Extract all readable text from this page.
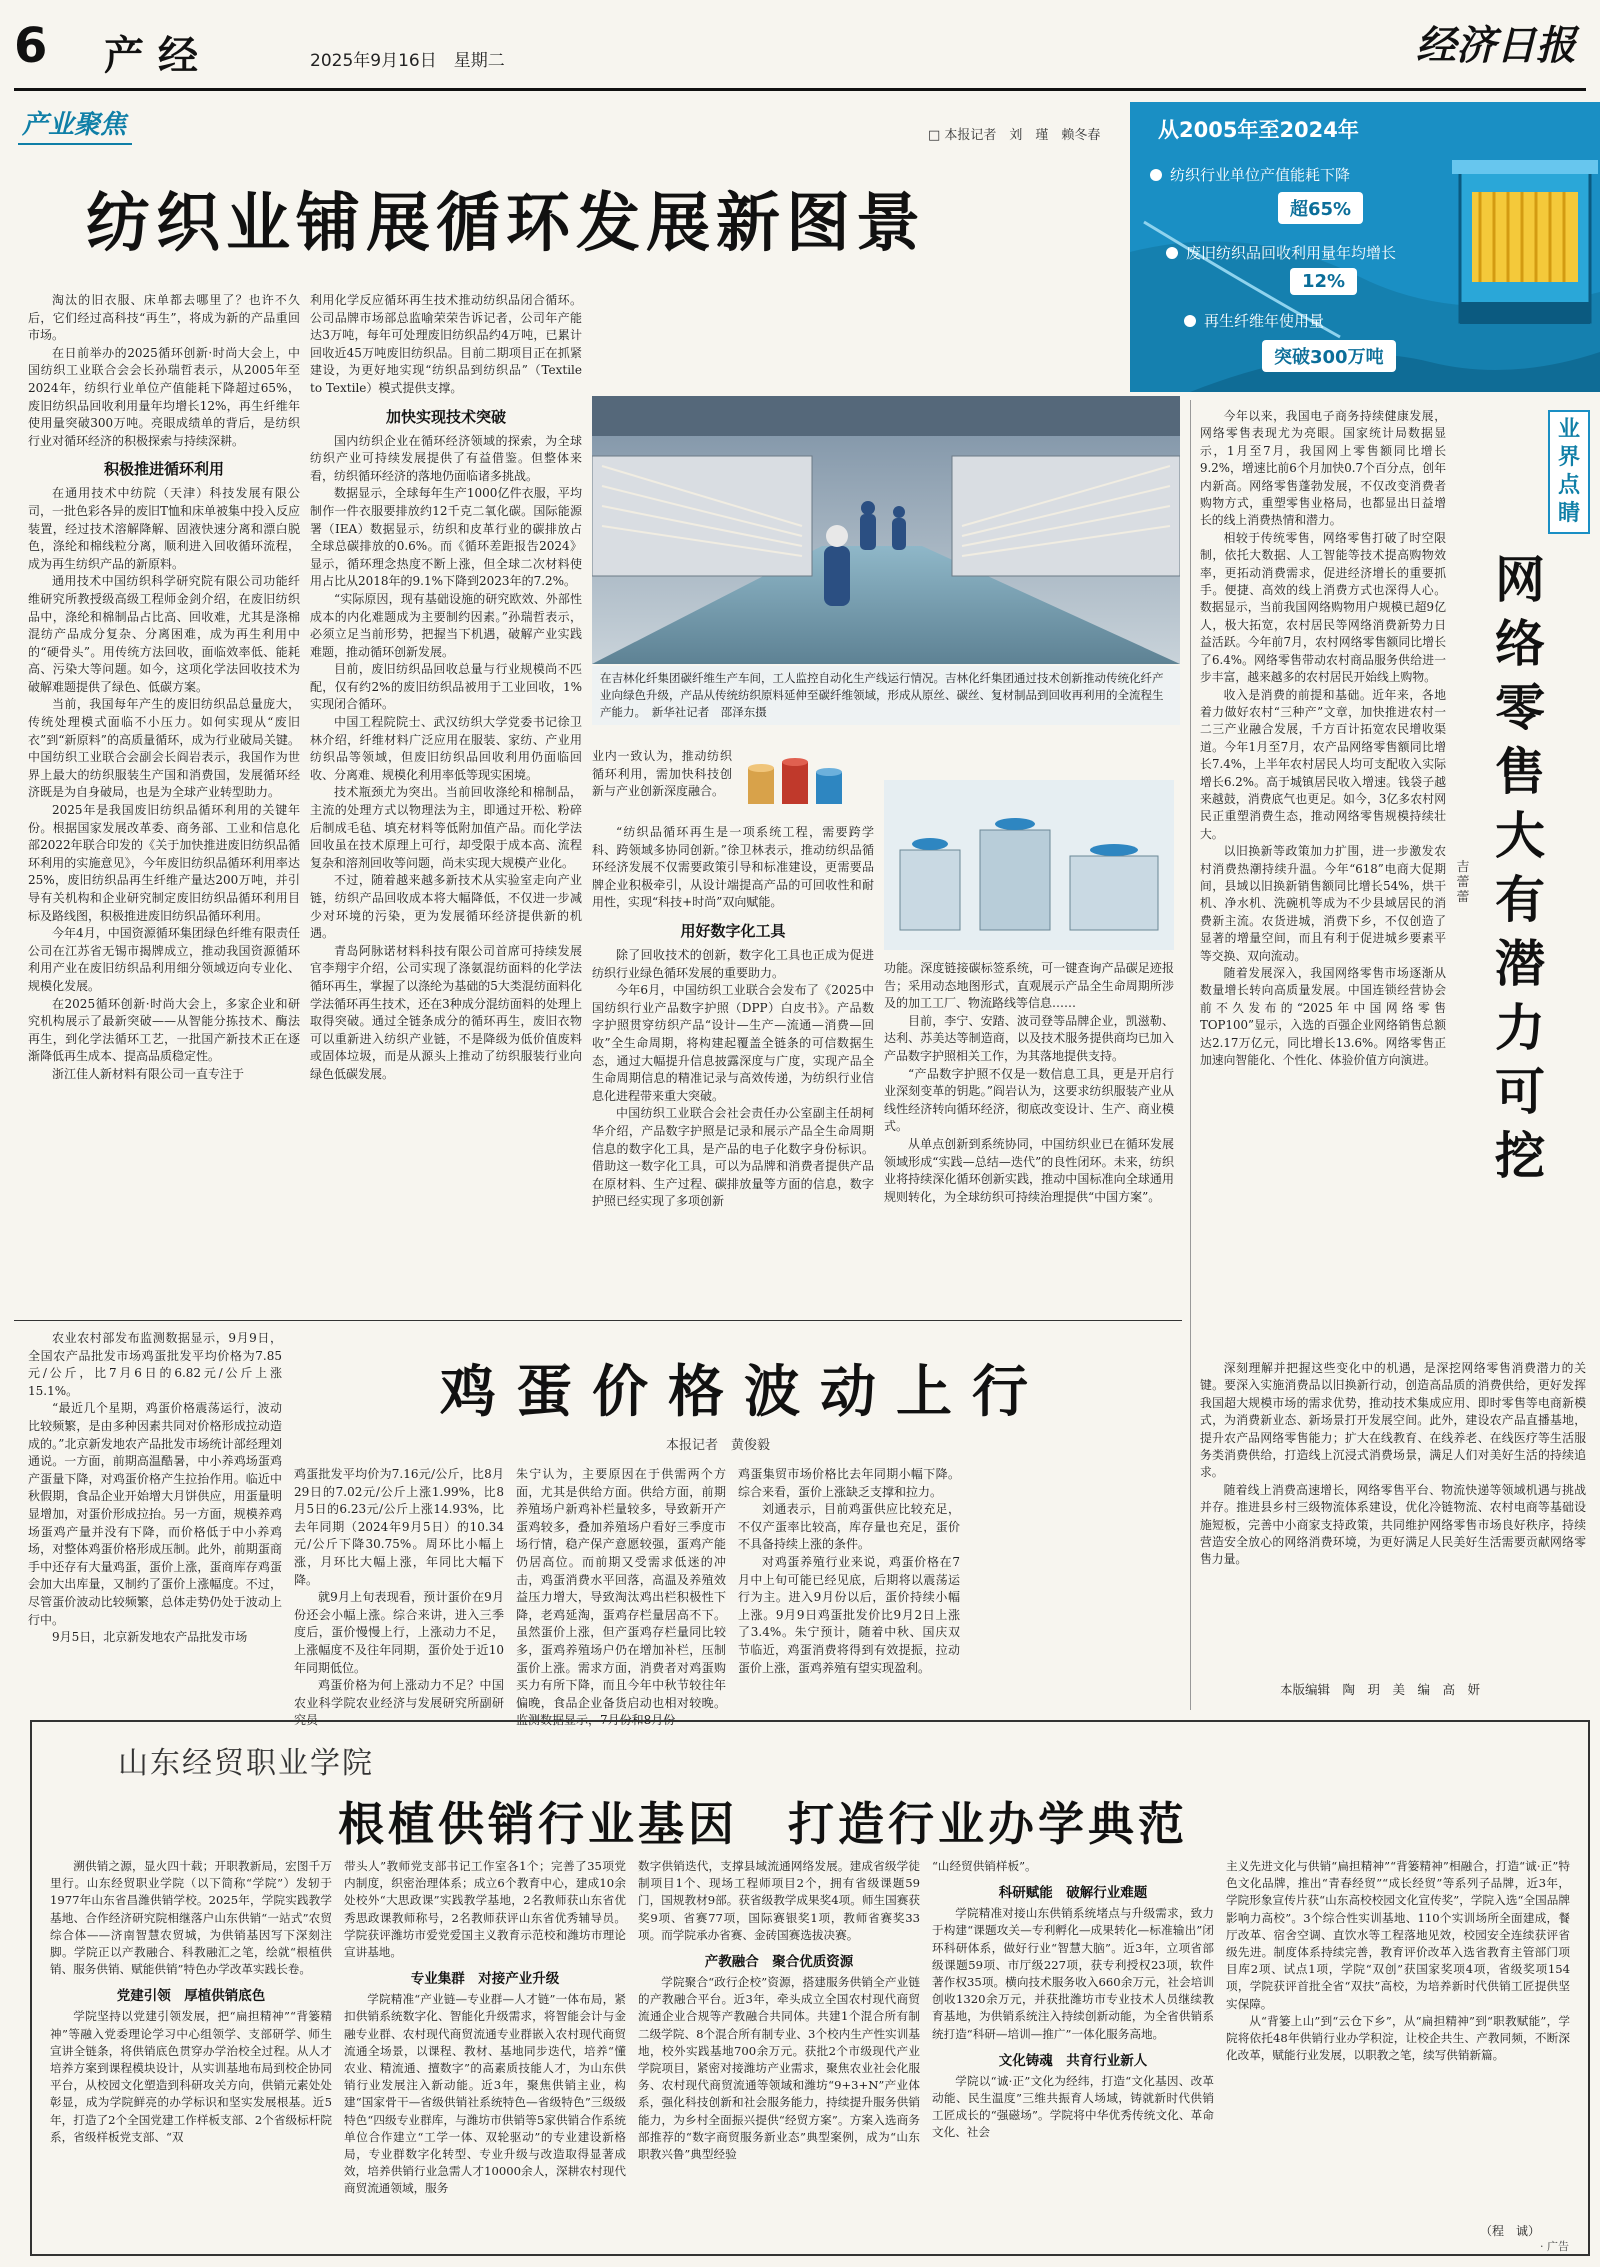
6 产经	2025年9月16日　星期二	经济日报
产业聚焦	□ 本报记者　刘　瑾　赖冬春
纺织业铺展循环发展新图景
从2005年至2024年
纺织行业单位产值能耗下降
超65%
废旧纺织品回收利用量年均增长
12%
再生纤维年使用量
突破300万吨

淘汰的旧衣服、床单都去哪里了？也许不久后，它们经过高科技“再生”，将成为新的产品重回市场。

在日前举办的2025循环创新·时尚大会上，中国纺织工业联合会会长孙瑞哲表示，从2005年至2024年，纺织行业单位产值能耗下降超过65%，废旧纺织品回收利用量年均增长12%，再生纤维年使用量突破300万吨。亮眼成绩单的背后，是纺织行业对循环经济的积极探索与持续深耕。

积极推进循环利用

在通用技术中纺院（天津）科技发展有限公司，一批色彩各异的废旧T恤和床单被集中投入反应装置，经过技术溶解降解、固液快速分离和漂白脱色，涤纶和棉线粒分离，顺利进入回收循环流程，成为再生纺织产品的新原料。

通用技术中国纺织科学研究院有限公司功能纤维研究所教授级高级工程师金剑介绍，在废旧纺织品中，涤纶和棉制品占比高、回收难，尤其是涤棉混纺产品成分复杂、分离困难，成为再生利用中的“硬骨头”。用传统方法回收，面临效率低、能耗高、污染大等问题。如今，这项化学法回收技术为破解难题提供了绿色、低碳方案。

当前，我国每年产生的废旧纺织品总量庞大，传统处理模式面临不小压力。如何实现从“废旧衣”到“新原料”的高质量循环，成为行业破局关键。中国纺织工业联合会副会长阎岩表示，我国作为世界上最大的纺织服装生产国和消费国，发展循环经济既是为自身破局，也是为全球产业转型助力。

2025年是我国废旧纺织品循环利用的关键年份。根据国家发展改革委、商务部、工业和信息化部2022年联合印发的《关于加快推进废旧纺织品循环利用的实施意见》，今年废旧纺织品循环利用率达25%，废旧纺织品再生纤维产量达200万吨，并引导有关机构和企业研究制定废旧纺织品循环利用目标及路线图，积极推进废旧纺织品循环利用。

今年4月，中国资源循环集团绿色纤维有限责任公司在江苏省无锡市揭牌成立，推动我国资源循环利用产业在废旧纺织品利用细分领域迈向专业化、规模化发展。

在2025循环创新·时尚大会上，多家企业和研究机构展示了最新突破——从智能分拣技术、酶法再生，到化学法循环工艺，一批国产新技术正在逐渐降低再生成本、提高品质稳定性。

浙江佳人新材料有限公司一直专注于

利用化学反应循环再生技术推动纺织品闭合循环。公司品牌市场部总监喻荣荣告诉记者，公司年产能达3万吨，每年可处理废旧纺织品约4万吨，已累计回收近45万吨废旧纺织品。目前二期项目正在抓紧建设，为更好地实现“纺织品到纺织品”（Textile to Textile）模式提供支撑。

加快实现技术突破

国内纺织企业在循环经济领域的探索，为全球纺织产业可持续发展提供了有益借鉴。但整体来看，纺织循环经济的落地仍面临诸多挑战。

数据显示，全球每年生产1000亿件衣服，平均制作一件衣服要排放约12千克二氧化碳。国际能源署（IEA）数据显示，纺织和皮革行业的碳排放占全球总碳排放的0.6%。而《循环差距报告2024》显示，循环理念热度不断上涨，但全球二次材料使用占比从2018年的9.1%下降到2023年的7.2%。

“实际原因，现有基础设施的研究欧效、外部性成本的内化难题成为主要制约因素。”孙瑞哲表示，必须立足当前形势，把握当下机遇，破解产业实践难题，推动循环创新发展。

目前，废旧纺织品回收总量与行业规模尚不匹配，仅有约2%的废旧纺织品被用于工业回收，1%实现闭合循环。

中国工程院院士、武汉纺织大学党委书记徐卫林介绍，纤维材料广泛应用在服装、家纺、产业用纺织品等领域，但废旧纺织品回收利用仍面临回收、分离难、规模化利用率低等现实困境。

技术瓶颈尤为突出。当前回收涤纶和棉制品，主流的处理方式以物理法为主，即通过开松、粉碎后制成毛毡、填充材料等低附加值产品。而化学法回收虽在技术原理上可行，却受限于成本高、流程复杂和溶剂回收等问题，尚未实现大规模产业化。

不过，随着越来越多新技术从实验室走向产业链，纺织产品回收成本将大幅降低，不仅进一步减少对环境的污染，更为发展循环经济提供新的机遇。

青岛阿脉诺材料科技有限公司首席可持续发展官李翔宇介绍，公司实现了涤氨混纺面料的化学法循环再生，掌握了以涤纶为基础的5大类混纺面料化学法循环再生技术，还在3种成分混纺面料的处理上取得突破。通过全链条成分的循环再生，废旧衣物可以重新进入纺织产业链，不是降级为低价值废料或固体垃圾，而是从源头上推动了纺织服装行业向绿色低碳发展。

在吉林化纤集团碳纤维生产车间，工人监控自动化生产线运行情况。吉林化纤集团通过技术创新推动传统化纤产业向绿色升级，产品从传统纺织原料延伸至碳纤维领域，形成从原丝、碳丝、复材制品到回收再利用的全流程生产能力。　新华社记者　邵泽东摄

业内一致认为，推动纺织循环利用，需加快科技创新与产业创新深度融合。

“纺织品循环再生是一项系统工程，需要跨学科、跨领域多协同创新。”徐卫林表示，推动纺织品循环经济发展不仅需要政策引导和标准建设，更需要品牌企业积极牵引，从设计端提高产品的可回收性和耐用性，实现“科技+时尚”双向赋能。

用好数字化工具

除了回收技术的创新，数字化工具也正成为促进纺织行业绿色循环发展的重要助力。

今年6月，中国纺织工业联合会发布了《2025中国纺织行业产品数字护照（DPP）白皮书》。产品数字护照贯穿纺织产品“设计—生产—流通—消费—回收”全生命周期，将构建起覆盖全链条的可信数据生态，通过大幅提升信息披露深度与广度，实现产品全生命周期信息的精准记录与高效传递，为纺织行业信息化进程带来重大突破。

中国纺织工业联合会社会责任办公室副主任胡柯华介绍，产品数字护照是记录和展示产品全生命周期信息的数字化工具，是产品的电子化数字身份标识。借助这一数字化工具，可以为品牌和消费者提供产品在原材料、生产过程、碳排放量等方面的信息，数字护照已经实现了多项创新

功能。深度链接碳标签系统，可一键查询产品碳足迹报告；采用动态地图形式，直观展示产品全生命周期所涉及的加工工厂、物流路线等信息……

目前，李宁、安踏、波司登等品牌企业，凯滋勒、达利、苏美达等制造商，以及技术服务提供商均已加入产品数字护照相关工作，为其落地提供支持。

“产品数字护照不仅是一数信息工具，更是开启行业深刻变革的钥匙。”阎岩认为，这要求纺织服装产业从线性经济转向循环经济，彻底改变设计、生产、商业模式。

从单点创新到系统协同，中国纺织业已在循环发展领域形成“实践—总结—迭代”的良性闭环。未来，纺织业将持续深化循环创新实践，推动中国标准向全球通用规则转化，为全球纺织可持续治理提供“中国方案”。

业界点睛
网络零售大有潜力可挖
吉蕾蕾

今年以来，我国电子商务持续健康发展，网络零售表现尤为亮眼。国家统计局数据显示，1月至7月，我国网上零售额同比增长9.2%，增速比前6个月加快0.7个百分点，创年内新高。网络零售蓬勃发展，不仅改变消费者购物方式，重塑零售业格局，也都显出日益增长的线上消费热情和潜力。

相较于传统零售，网络零售打破了时空限制，依托大数据、人工智能等技术提高购物效率，更拓动消费需求，促进经济增长的重要抓手。便捷、高效的线上消费方式也深得人心。数据显示，当前我国网络购物用户规模已超9亿人，极大拓宽，农村居民等网络消费新势力日益活跃。今年前7月，农村网络零售额同比增长了6.4%。网络零售带动农村商品服务供给进一步丰富，越来越多的农村居民开始线上购物。

收入是消费的前提和基础。近年来，各地着力做好农村“三种产”文章，加快推进农村一二三产业融合发展，千方百计拓宽农民增收渠道。今年1月至7月，农产品网络零售额同比增长7.4%，上半年农村居民人均可支配收入实际增长6.2%。高于城镇居民收入增速。钱袋子越来越鼓，消费底气也更足。如今，3亿多农村网民正重塑消费生态，推动网络零售规模持续壮大。

以旧换新等政策加力扩围，进一步激发农村消费热潮持续升温。今年“618”电商大促期间，县域以旧换新销售额同比增长54%，烘干机、净水机、洗碗机等成为不少县域居民的消费新主流。农货进城，消费下乡，不仅创造了显著的增量空间，而且有利于促进城乡要素平等交换、双向流动。

随着发展深入，我国网络零售市场逐渐从数量增长转向高质量发展。中国连锁经营协会前不久发布的“2025年中国网络零售TOP100”显示，入选的百强企业网络销售总额达2.17万亿元，同比增长13.6%。网络零售正加速向智能化、个性化、体验价值方向演进。

深刻理解并把握这些变化中的机遇，是深挖网络零售消费潜力的关键。要深入实施消费品以旧换新行动，创造高品质的消费供给，更好发挥我国超大规模市场的需求优势，推动技术集成应用、即时零售等电商新模式，为消费新业态、新场景打开发展空间。此外，建设农产品直播基地，提升农产品网络零售能力；扩大在线教育、在线养老、在线医疗等生活服务类消费供给，打造线上沉浸式消费场景，满足人们对美好生活的持续追求。

随着线上消费高速增长，网络零售平台、物流快递等领域机遇与挑战并存。推进县乡村三级物流体系建设，优化冷链物流、农村电商等基础设施短板，完善中小商家支持政策，共同维护网络零售市场良好秩序，持续营造安全放心的网络消费环境，为更好满足人民美好生活需要贡献网络零售力量。

本版编辑　陶　玥　美　编　高　妍

农业农村部发布监测数据显示，9月9日，全国农产品批发市场鸡蛋批发平均价格为7.85元/公斤，比7月6日的6.82元/公斤上涨15.1%。

“最近几个星期，鸡蛋价格震荡运行，波动比较频繁，是由多种因素共同对价格形成拉动造成的。”北京新发地农产品批发市场统计部经理刘通说。一方面，前期高温酷暑，中小养鸡场蛋鸡产蛋量下降，对鸡蛋价格产生拉抬作用。临近中秋假期，食品企业开始增大月饼供应，用蛋量明显增加，对蛋价形成拉抬。另一方面，规模养鸡场蛋鸡产量并没有下降，而价格低于中小养鸡场，对整体鸡蛋价格形成压制。此外，前期蛋商手中还存有大量鸡蛋，蛋价上涨，蛋商库存鸡蛋会加大出库量，又制约了蛋价上涨幅度。不过，尽管蛋价波动比较频繁，总体走势仍处于波动上行中。

9月5日，北京新发地农产品批发市场

鸡蛋价格波动上行
本报记者　黄俊毅

鸡蛋批发平均价为7.16元/公斤，比8月29日的7.02元/公斤上涨1.99%，比8月5日的6.23元/公斤上涨14.93%，比去年同期（2024年9月5日）的10.34元/公斤下降30.75%。周环比小幅上涨，月环比大幅上涨，年同比大幅下降。

就9月上旬表现看，预计蛋价在9月份还会小幅上涨。综合来讲，进入三季度后，蛋价慢慢上行，上涨动力不足，上涨幅度不及往年同期，蛋价处于近10年同期低位。

鸡蛋价格为何上涨动力不足？中国农业科学院农业经济与发展研究所副研究员

朱宁认为，主要原因在于供需两个方面，尤其是供给方面。供给方面，前期养殖场户新鸡补栏量较多，导致新开产蛋鸡较多，叠加养殖场户看好三季度市场行情，稳产保产意愿较强，蛋鸡产能仍居高位。而前期又受需求低迷的冲击，鸡蛋消费水平回落，高温及养殖效益压力增大，导致淘汰鸡出栏积极性下降，老鸡延淘，蛋鸡存栏量居高不下。虽然蛋价上涨，但产蛋鸡存栏量同比较多，蛋鸡养殖场户仍在增加补栏，压制蛋价上涨。需求方面，消费者对鸡蛋购买力有所下降，而且今年中秋节较往年偏晚，食品企业备货启动也相对较晚。监测数据显示，7月份和8月份

鸡蛋集贸市场价格比去年同期小幅下降。综合来看，蛋价上涨缺乏支撑和拉力。

刘通表示，目前鸡蛋供应比较充足，不仅产蛋率比较高，库存量也充足，蛋价不具备持续上涨的条件。

对鸡蛋养殖行业来说，鸡蛋价格在7月中上旬可能已经见底，后期将以震荡运行为主。进入9月份以后，蛋价持续小幅上涨。9月9日鸡蛋批发价比9月2日上涨了3.4%。朱宁预计，随着中秋、国庆双节临近，鸡蛋消费将得到有效提振，拉动蛋价上涨，蛋鸡养殖有望实现盈利。

山东经贸职业学院
根植供销行业基因　打造行业办学典范

溯供销之源，显火四十载；开职教新局，宏图千万里行。山东经贸职业学院（以下简称“学院”）发轫于1977年山东省昌潍供销学校。2025年，学院实践教学基地、合作经济研究院相继落户山东供销“一站式”农贸综合体——济南智慧农贸城，为供销基因写下深刻注脚。学院正以产教融合、科教融汇之笔，绘就“根植供销、服务供销、赋能供销”特色办学改革实践长卷。

党建引领　厚植供销底色

学院坚持以党建引领发展，把“扁担精神”“背篓精神”等融入党委理论学习中心组领学、支部研学、师生宣讲全链条，将供销底色贯穿办学治校全过程。从人才培养方案到课程模块设计，从实训基地布局到校企协同平台，从校园文化塑造到科研攻关方向，供销元素处处彰显，成为学院鲜亮的办学标识和坚实发展根基。近5年，打造了2个全国党建工作样板支部、2个省级标杆院系，省级样板党支部、“双

带头人”教师党支部书记工作室各1个；完善了35项党内制度，织密治理体系；成立6个教育中心，建成10余处校外“大思政课”实践教学基地，2名教师获山东省优秀思政课教师称号，2名教师获评山东省优秀辅导员。学院获评潍坊市爱党爱国主义教育示范校和潍坊市理论宣讲基地。

专业集群　对接产业升级

学院精准“产业链—专业群—人才链”一体布局，紧扣供销系统数字化、智能化升级需求，将智能会计与金融专业群、农村现代商贸流通专业群嵌入农村现代商贸流通全场景，以课程、教材、基地同步迭代，培养“懂农业、精流通、擅数字”的高素质技能人才，为山东供销行业发展注入新动能。近3年，聚焦供销主业，构建“国家骨干—省级供销社系统特色—省级特色”三级级特色“四级专业群库，与潍坊市供销等5家供销合作系统单位合作建立“工学一体、双轮驱动”的专业建设新格局，专业群数字化转型、专业升级与改造取得显著成效，培养供销行业急需人才10000余人，深耕农村现代商贸流通领域，服务

数字供销迭代，支撑县域流通网络发展。建成省级学徒制项目1个、现场工程师项目2个，拥有省级课题59门，国规教材9部。获省级教学成果奖4项。师生国赛获奖9项、省赛77项，国际赛银奖1项，教师省赛奖33项。而学院承办省赛、金砖国赛选拔决赛。

产教融合　聚合优质资源

学院聚合“政行企校”资源，搭建服务供销全产业链的产教融合平台。近3年，牵头成立全国农村现代商贸流通企业合规等产教融合共同体。共建1个混合所有制二级学院、8个混合所有制专业、3个校内生产性实训基地，校外实践基地700余万元。获批2个市级现代产业学院项目，紧密对接潍坊产业需求，聚焦农业社会化服务、农村现代商贸流通等领域和潍坊“9+3+N”产业体系，强化科技创新和社会服务能力，持续提升服务供销能力，为乡村全面振兴提供“经贸方案”。方案入选商务部推荐的“数字商贸服务新业态”典型案例，成为“山东职教兴鲁”典型经验

“山经贸供销样板”。

科研赋能　破解行业难题

学院精准对接山东供销系统堵点与升级需求，致力于构建“课题攻关—专利孵化—成果转化—标准输出”闭环科研体系，做好行业“智慧大脑”。近3年，立项省部级课题59项、市厅级227项，获专利授权23项，软件著作权35项。横向技术服务收入660余万元，社会培训创收1320余万元，并获批潍坊市专业技术人员继续教育基地，为供销系统注入持续创新动能，为全省供销系统打造“科研—培训—推广”一体化服务高地。

文化铸魂　共育行业新人

学院以“诚·正”文化为经纬，打造“文化基因、改革动能、民生温度”三维共振育人场域，铸就新时代供销工匠成长的“强磁场”。学院将中华优秀传统文化、革命文化、社会

主义先进文化与供销“扁担精神”“背篓精神”相融合，打造“诚·正”特色文化品牌，推出“青春经贸”“成长经贸”等系列子品牌，近3年，学院形象宣传片获“山东高校校园文化宣传奖”，学院入选“全国品牌影响力高校”。3个综合性实训基地、110个实训场所全面建成，餐厅改革、宿舍空调、直饮水等工程落地见效，校园安全连续获评省级先进。制度体系持续完善，教育评价改革入选省教育主管部门项目库2项、试点1项，学院“双创”获国家奖项4项，省级奖项154项，学院获评首批全省“双扶”高校，为培养新时代供销工匠提供坚实保障。

从“背篓上山”到“云仓下乡”，从“扁担精神”到“职教赋能”，学院将依托48年供销行业办学积淀，让校企共生、产教同频，不断深化改革，赋能行业发展，以职教之笔，续写供销新篇。

（程　诚）
· 广告
